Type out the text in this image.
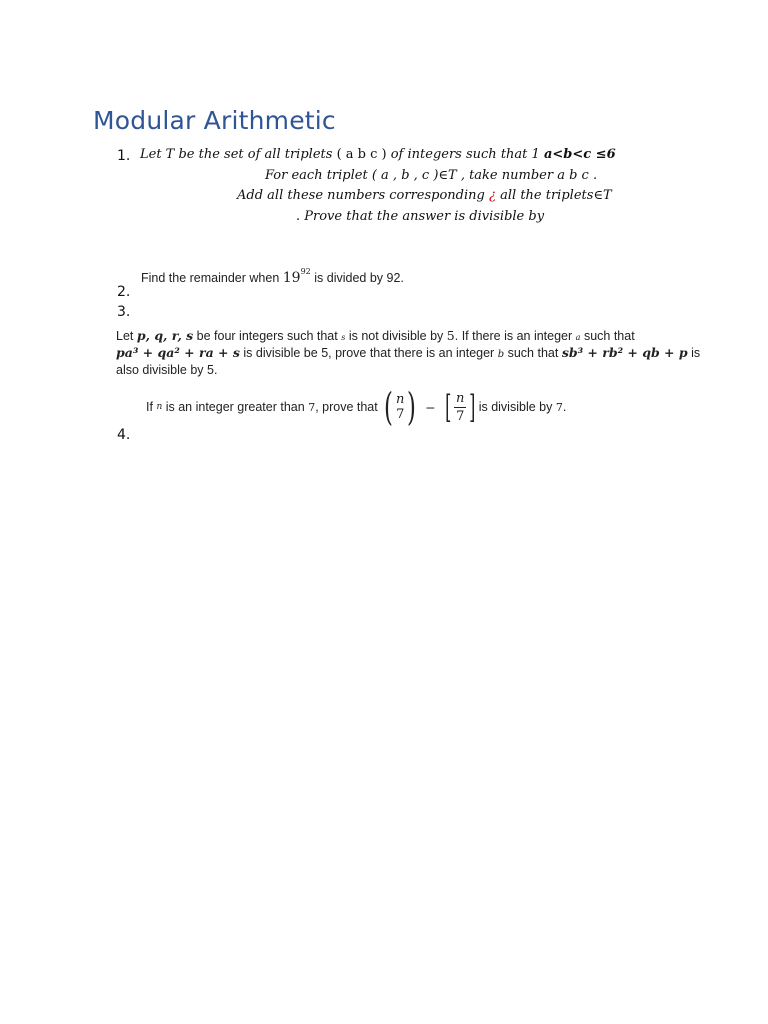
Modular Arithmetic
1.
2.
3.
4.
Let T be the set of all triplets ( a b c ) of integers such that 1 a<b<c ≤6
For each triplet ( a , b , c )∈T , take number a b c .
Add all these numbers corresponding ¿ all the triplets∈T
. Prove that the answer is divisible by
Find the remainder when $19^{92}$ is divided by 92.
Let p, q, r, s be four integers such that s is not divisible by 5. If there is an integer a such that
pa³ + qa² + ra + s is divisible be 5, prove that there is an integer b such that sb³ + rb² + qb + p is
also divisible by 5.
If
n
is an integer greater than
7 , prove that
( n
7 ) − [ n
7 ] is divisible by
7 .
